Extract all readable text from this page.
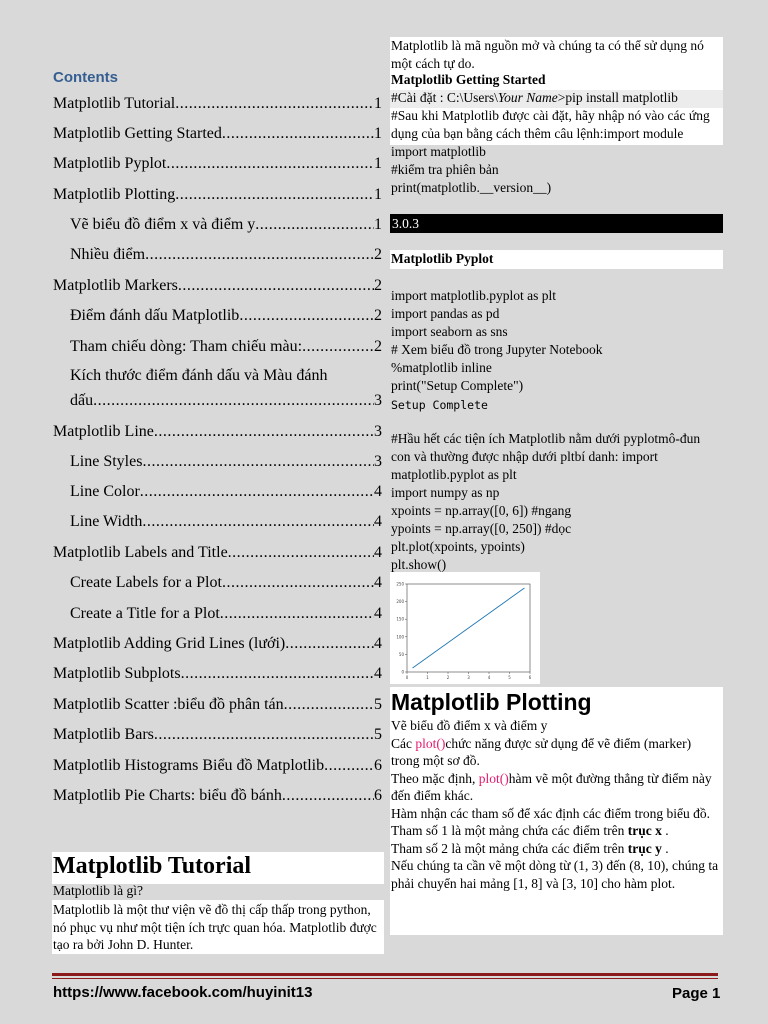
Contents
Matplotlib Tutorial .....	1
Matplotlib Getting Started .....	1
Matplotlib Pyplot .....	1
Matplotlib Plotting .....	1
Vẽ biểu đồ điểm x và điểm y .....	1
Nhiều điểm .....	2
Matplotlib Markers .....	2
Điểm đánh dấu Matplotlib .....	2
Tham chiếu dòng: Tham chiếu màu: .....	2
Kích thước điểm đánh dấu và Màu đánh
dấu .....	3
Matplotlib Line .....	3
Line Styles .....	3
Line Color .....	4
Line Width .....	4
Matplotlib Labels and Title .....	4
Create Labels for a Plot .....	4
Create a Title for a Plot .....	4
Matplotlib Adding Grid Lines (lưới) .....	4
Matplotlib Subplots .....	4
Matplotlib Scatter :biểu đồ phân tán .....	5
Matplotlib Bars .....	5
Matplotlib Histograms Biểu đồ Matplotlib .....	6
Matplotlib Pie Charts: biểu đồ bánh .....	6
Matplotlib Tutorial
Matplotlib là gì?
Matplotlib là một thư viện vẽ đồ thị cấp thấp trong python, nó phục vụ như một tiện ích trực quan hóa. Matplotlib được tạo ra bởi John D. Hunter.
Matplotlib là mã nguồn mở và chúng ta có thể sử dụng nó một cách tự do.
Matplotlib Getting Started
#Cài đặt : C:\Users\Your Name>pip install matplotlib
#Sau khi Matplotlib được cài đặt, hãy nhập nó vào các ứng dụng của bạn bằng cách thêm câu lệnh:import module
import matplotlib
#kiểm tra phiên bản
print(matplotlib.__version__)
3.0.3
Matplotlib Pyplot
import matplotlib.pyplot as plt
import pandas as pd
import seaborn as sns
# Xem biểu đồ trong Jupyter Notebook
%matplotlib inline
print("Setup Complete")
Setup Complete
#Hầu hết các tiện ích Matplotlib nằm dưới pyplotmô-đun con và thường được nhập dưới pltbí danh: import matplotlib.pyplot as plt
import numpy as np
xpoints = np.array([0, 6]) #ngang
ypoints = np.array([0, 250]) #dọc
plt.plot(xpoints, ypoints)
plt.show()
0	1	2	3	4	5	6
0
50
100
150
200
250
Matplotlib Plotting
Vẽ biểu đồ điểm x và điểm y
Các plot()chức năng được sử dụng để vẽ điểm (marker) trong một sơ đồ.
Theo mặc định, plot()hàm vẽ một đường thẳng từ điểm này đến điểm khác.
Hàm nhận các tham số để xác định các điểm trong biểu đồ.
Tham số 1 là một mảng chứa các điểm trên trục x .
Tham số 2 là một mảng chứa các điểm trên trục y .
Nếu chúng ta cần vẽ một dòng từ (1, 3) đến (8, 10), chúng ta phải chuyển hai mảng [1, 8] và [3, 10] cho hàm plot.
https://www.facebook.com/huyinit13	Page 1
